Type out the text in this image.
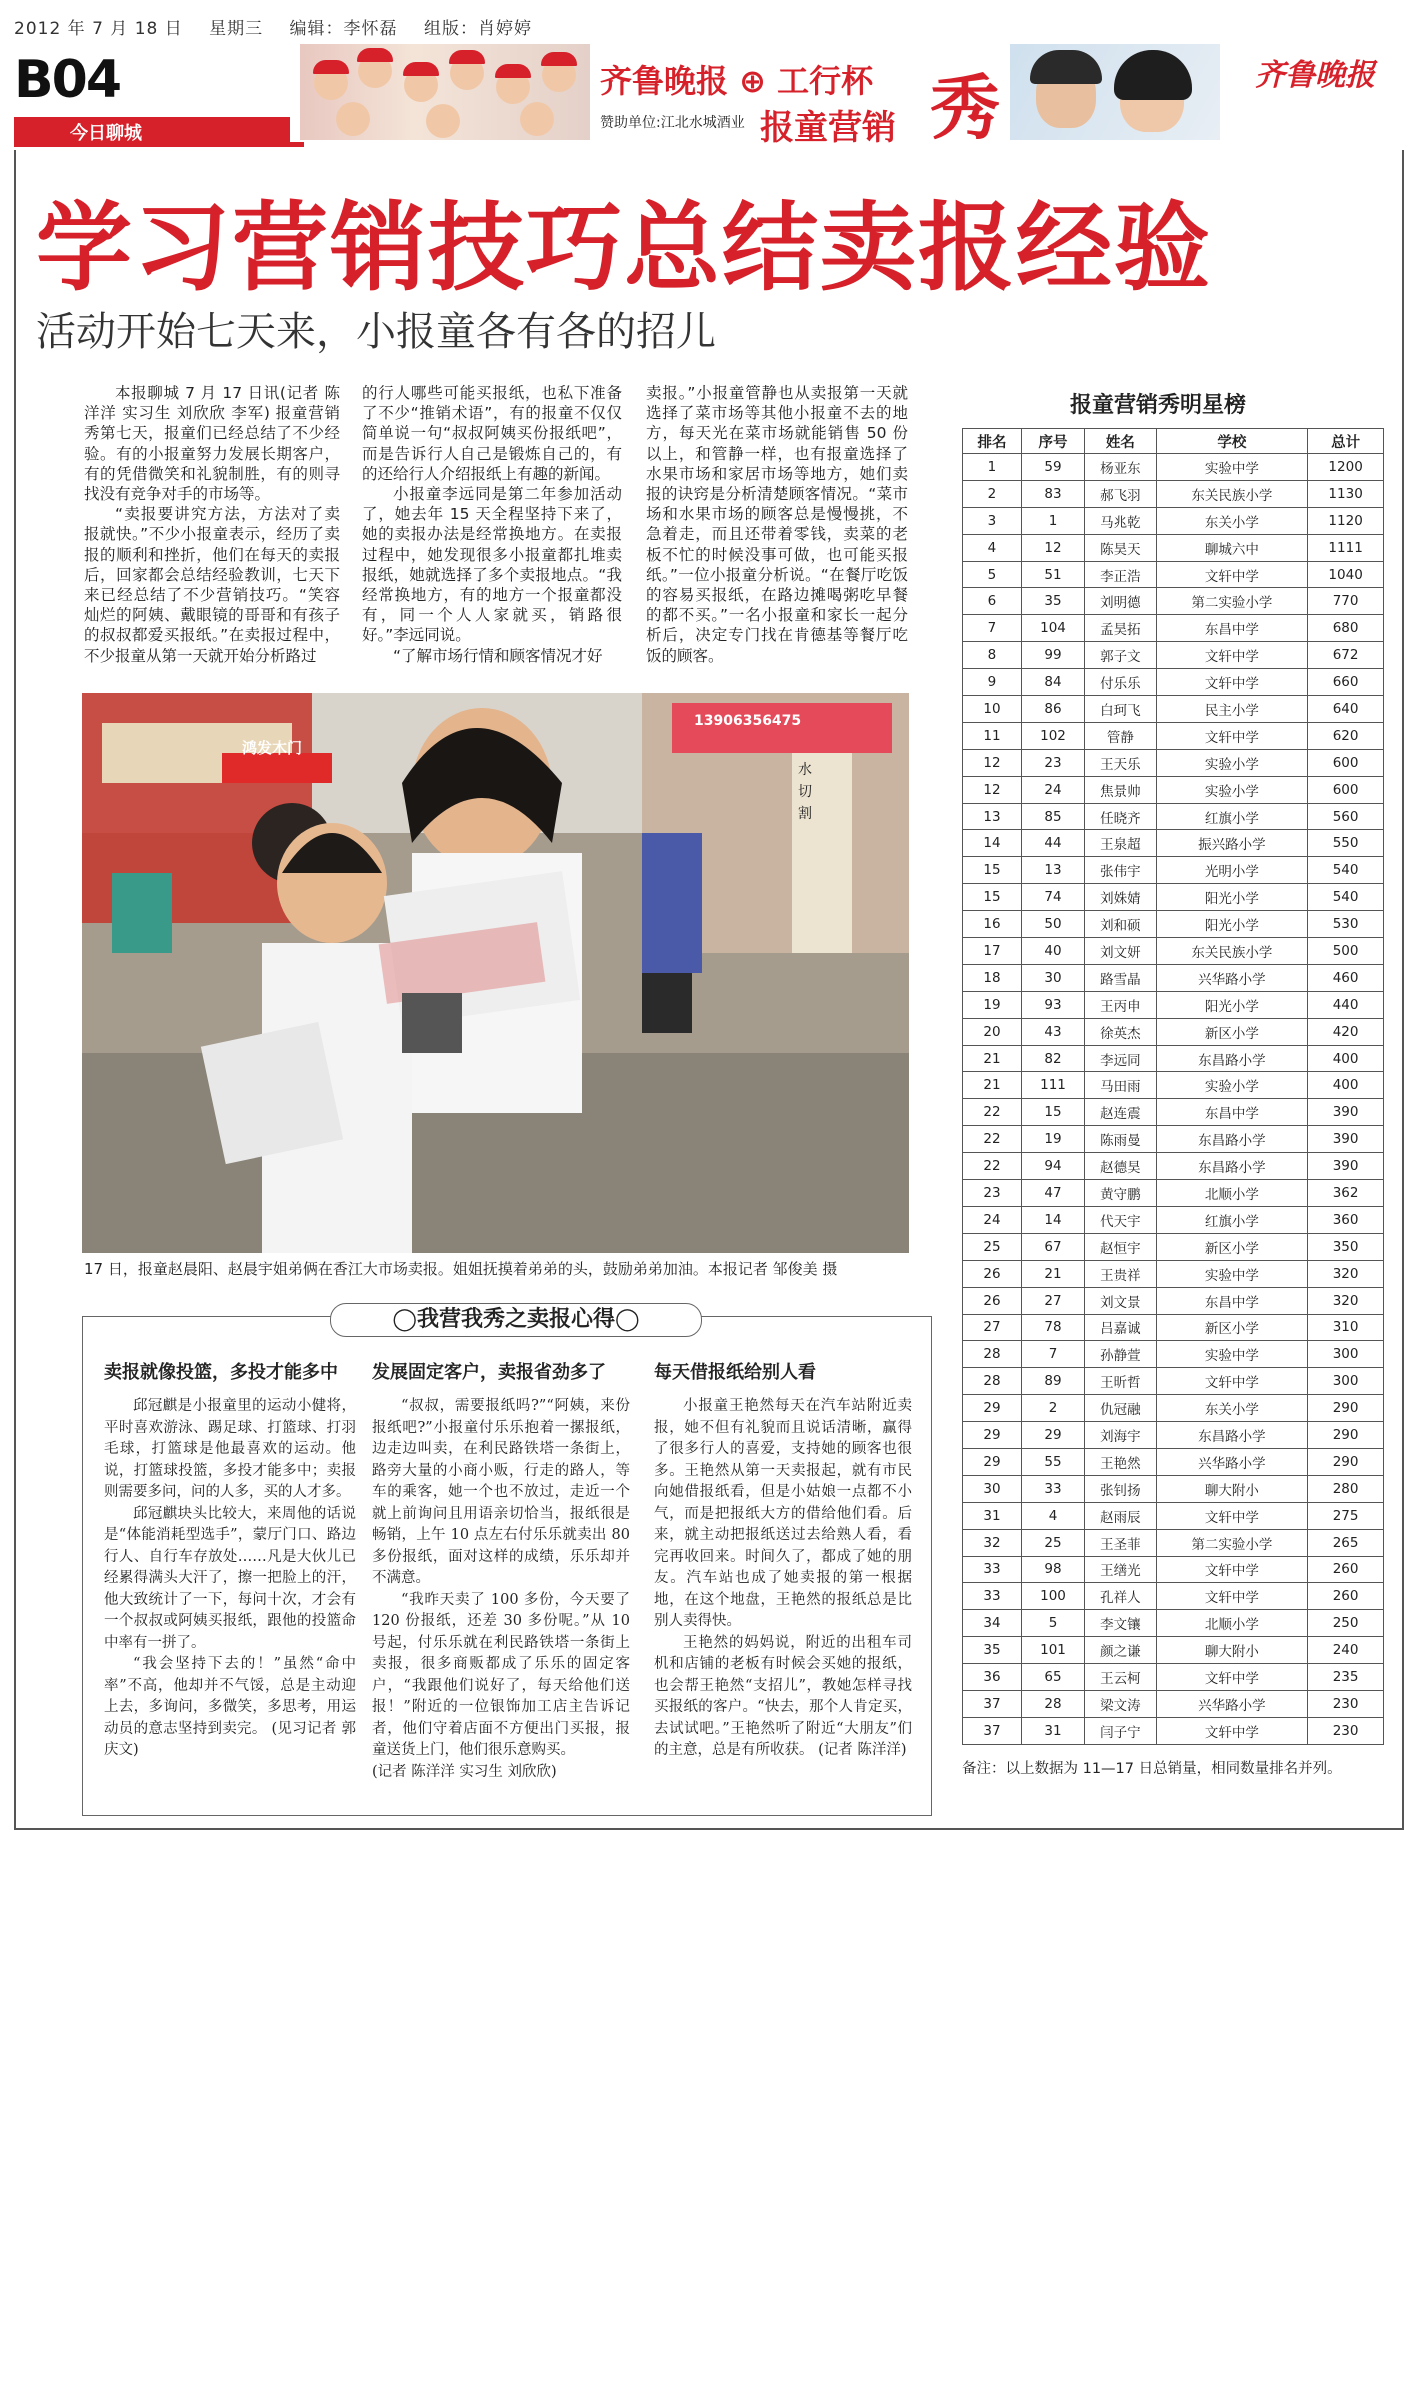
2012 年 7 月 18 日 星期三 编辑：李怀磊 组版：肖婷婷
B04
今日聊城
齐鲁晚报 ⊕ 工行杯
赞助单位:江北水城酒业 报童营销 秀	齐鲁晚报
学习营销技巧总结卖报经验
活动开始七天来，小报童各有各的招儿

本报聊城 7 月 17 日讯(记者 陈洋洋 实习生 刘欣欣 李军) 报童营销秀第七天，报童们已经总结了不少经验。有的小报童努力发展长期客户，有的凭借微笑和礼貌制胜，有的则寻找没有竞争对手的市场等。

“卖报要讲究方法，方法对了卖报就快。”不少小报童表示，经历了卖报的顺利和挫折，他们在每天的卖报后，回家都会总结经验教训，七天下来已经总结了不少营销技巧。“笑容灿烂的阿姨、戴眼镜的哥哥和有孩子的叔叔都爱买报纸。”在卖报过程中，不少报童从第一天就开始分析路过

的行人哪些可能买报纸，也私下准备了不少“推销术语”，有的报童不仅仅简单说一句“叔叔阿姨买份报纸吧”，而是告诉行人自己是锻炼自己的，有的还给行人介绍报纸上有趣的新闻。

小报童李远同是第二年参加活动了，她去年 15 天全程坚持下来了，她的卖报办法是经常换地方。在卖报过程中，她发现很多小报童都扎堆卖报纸，她就选择了多个卖报地点。“我经常换地方，有的地方一个报童都没有，同一个人人家就买，销路很好。”李远同说。

“了解市场行情和顾客情况才好

卖报。”小报童管静也从卖报第一天就选择了菜市场等其他小报童不去的地方，每天光在菜市场就能销售 50 份以上，和管静一样，也有报童选择了水果市场和家居市场等地方，她们卖报的诀窍是分析清楚顾客情况。“菜市场和水果市场的顾客总是慢慢挑，不急着走，而且还带着零钱，卖菜的老板不忙的时候没事可做，也可能买报纸。”一位小报童分析说。“在餐厅吃饭的容易买报纸，在路边摊喝粥吃早餐的都不买。”一名小报童和家长一起分析后，决定专门找在肯德基等餐厅吃饭的顾客。

鸿发木门
13906356475
水 切 割
17 日，报童赵晨阳、赵晨宇姐弟俩在香江大市场卖报。姐姐抚摸着弟弟的头，鼓励弟弟加油。本报记者 邹俊美 摄
◯我营我秀之卖报心得◯
卖报就像投篮，多投才能多中

邱冠麒是小报童里的运动小健将，平时喜欢游泳、踢足球、打篮球、打羽毛球，打篮球是他最喜欢的运动。他说，打篮球投篮，多投才能多中；卖报则需要多问，问的人多，买的人才多。

邱冠麒块头比较大，来周他的话说是“体能消耗型选手”，蒙厅门口、路边行人、自行车存放处……凡是大伙儿已经累得满头大汗了，擦一把脸上的汗，他大致统计了一下，每问十次，才会有一个叔叔或阿姨买报纸，跟他的投篮命中率有一拼了。

“我会坚持下去的！”虽然“命中率”不高，他却并不气馁，总是主动迎上去，多询问，多微笑，多思考，用运动员的意志坚持到卖完。 (见习记者 郭庆文)

发展固定客户，卖报省劲多了

“叔叔，需要报纸吗?”“阿姨，来份报纸吧?”小报童付乐乐抱着一摞报纸，边走边叫卖，在利民路铁塔一条街上，路旁大量的小商小贩，行走的路人，等车的乘客，她一个也不放过，走近一个就上前询问且用语亲切恰当，报纸很是畅销，上午 10 点左右付乐乐就卖出 80 多份报纸，面对这样的成绩，乐乐却并不满意。

“我昨天卖了 100 多份，今天要了 120 份报纸，还差 30 多份呢。”从 10 号起，付乐乐就在利民路铁塔一条街上卖报，很多商贩都成了乐乐的固定客户，“我跟他们说好了，每天给他们送报！”附近的一位银饰加工店主告诉记者，他们守着店面不方便出门买报，报童送货上门，他们很乐意购买。

(记者 陈洋洋 实习生 刘欣欣)

每天借报纸给别人看

小报童王艳然每天在汽车站附近卖报，她不但有礼貌而且说话清晰，赢得了很多行人的喜爱，支持她的顾客也很多。王艳然从第一天卖报起，就有市民向她借报纸看，但是小姑娘一点都不小气，而是把报纸大方的借给他们看。后来，就主动把报纸送过去给熟人看，看完再收回来。时间久了，都成了她的朋友。汽车站也成了她卖报的第一根据地，在这个地盘，王艳然的报纸总是比别人卖得快。

王艳然的妈妈说，附近的出租车司机和店铺的老板有时候会买她的报纸，也会帮王艳然“支招儿”，教她怎样寻找买报纸的客户。“快去，那个人肯定买，去试试吧。”王艳然听了附近“大朋友”们的主意，总是有所收获。 (记者 陈洋洋)

报童营销秀明星榜
排名	序号	姓名	学校	总计
1	59	杨亚东	实验中学	1200
2	83	郝飞羽	东关民族小学	1130
3	1	马兆乾	东关小学	1120
4	12	陈昊天	聊城六中	1111
5	51	李正浩	文轩中学	1040
6	35	刘明德	第二实验小学	770
7	104	孟昊拓	东昌中学	680
8	99	郭子文	文轩中学	672
9	84	付乐乐	文轩中学	660
10	86	白珂飞	民主小学	640
11	102	管静	文轩中学	620
12	23	王天乐	实验小学	600
12	24	焦景帅	实验小学	600
13	85	任晓齐	红旗小学	560
14	44	王泉超	振兴路小学	550
15	13	张伟宇	光明小学	540
15	74	刘姝婧	阳光小学	540
16	50	刘和硕	阳光小学	530
17	40	刘文妍	东关民族小学	500
18	30	路雪晶	兴华路小学	460
19	93	王丙申	阳光小学	440
20	43	徐英杰	新区小学	420
21	82	李远同	东昌路小学	400
21	111	马田雨	实验小学	400
22	15	赵连震	东昌中学	390
22	19	陈雨曼	东昌路小学	390
22	94	赵德昊	东昌路小学	390
23	47	黄守鹏	北顺小学	362
24	14	代天宇	红旗小学	360
25	67	赵恒宇	新区小学	350
26	21	王贵祥	实验中学	320
26	27	刘文景	东昌中学	320
27	78	吕嘉诚	新区小学	310
28	7	孙静萱	实验中学	300
28	89	王昕哲	文轩中学	300
29	2	仇冠融	东关小学	290
29	29	刘海宇	东昌路小学	290
29	55	王艳然	兴华路小学	290
30	33	张钊扬	聊大附小	280
31	4	赵雨辰	文轩中学	275
32	25	王圣菲	第二实验小学	265
33	98	王缮光	文轩中学	260
33	100	孔祥人	文轩中学	260
34	5	李文镶	北顺小学	250
35	101	颜之谦	聊大附小	240
36	65	王云柯	文轩中学	235
37	28	梁文涛	兴华路小学	230
37	31	闫子宁	文轩中学	230
备注：以上数据为 11—17 日总销量，相同数量排名并列。
